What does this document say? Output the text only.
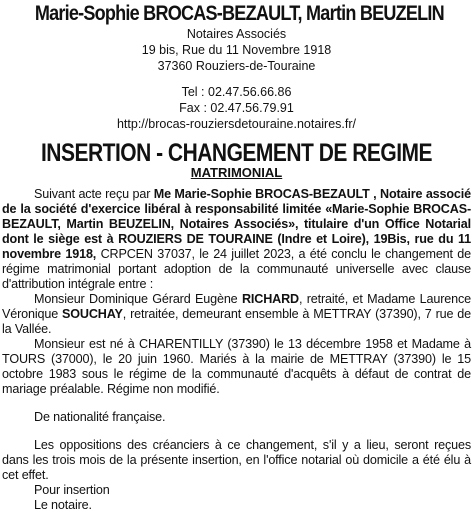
Marie-Sophie BROCAS-BEZAULT, Martin BEUZELIN

Notaires Associés

19 bis, Rue du 11 Novembre 1918

37360 Rouziers-de-Touraine

Tel : 02.47.56.66.86

Fax : 02.47.56.79.91

http://brocas-rouziersdetouraine.notaires.fr/

INSERTION - CHANGEMENT DE REGIME

MATRIMONIAL

Suivant acte reçu par Me Marie-Sophie BROCAS-BEZAULT , Notaire associé de la société d'exercice libéral à responsabilité limitée «Marie-Sophie BROCAS-BEZAULT, Martin BEUZELIN, Notaires Associés», titulaire d'un Office Notarial dont le siège est à ROUZIERS DE TOURAINE (Indre et Loire), 19Bis, rue du 11 novembre 1918, CRPCEN 37037, le 24 juillet 2023, a été conclu le changement de régime matrimonial portant adoption de la communauté universelle avec clause d'attribution intégrale entre :

Monsieur Dominique Gérard Eugène RICHARD, retraité, et Madame Laurence Véronique SOUCHAY, retraitée, demeurant ensemble à METTRAY (37390), 7 rue de la Vallée.

Monsieur est né à CHARENTILLY (37390) le 13 décembre 1958 et Madame à TOURS (37000), le 20 juin 1960. Mariés à la mairie de METTRAY (37390) le 15 octobre 1983 sous le régime de la communauté d'acquêts à défaut de contrat de mariage préalable. Régime non modifié.

De nationalité française.

Les oppositions des créanciers à ce changement, s'il y a lieu, seront reçues dans les trois mois de la présente insertion, en l'office notarial où domicile a été élu à cet effet.

Pour insertion

Le notaire.
